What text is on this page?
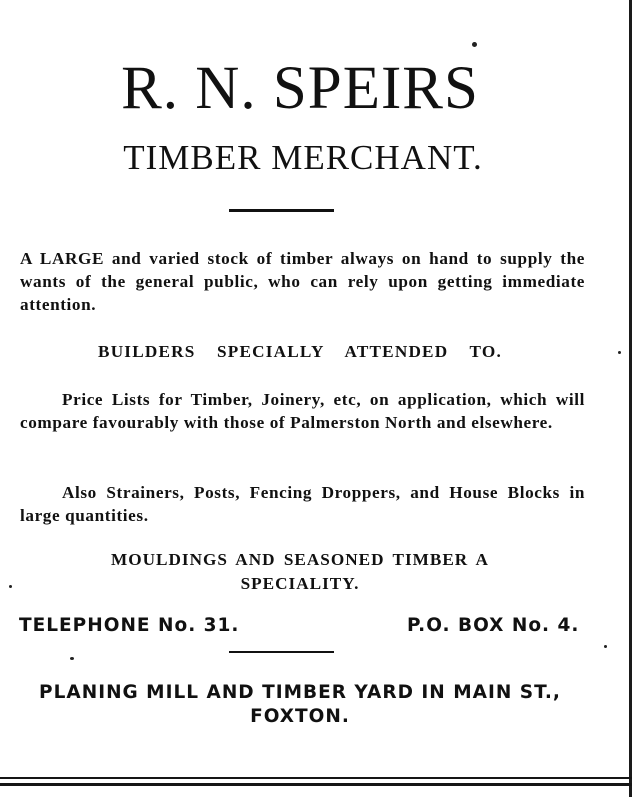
R. N. SPEIRS
TIMBER MERCHANT.
A LARGE and varied stock of timber always on hand to supply the wants of the general public, who can rely upon getting immediate attention.
BUILDERS SPECIALLY ATTENDED TO.
Price Lists for Timber, Joinery, etc, on application, which will compare favourably with those of Palmerston North and elsewhere.
Also Strainers, Posts, Fencing Droppers, and House Blocks in large quantities.
MOULDINGS AND SEASONED TIMBER A
SPECIALITY.
TELEPHONE No. 31.	P.O. BOX No. 4.
PLANING MILL AND TIMBER YARD IN MAIN ST.,
FOXTON.
